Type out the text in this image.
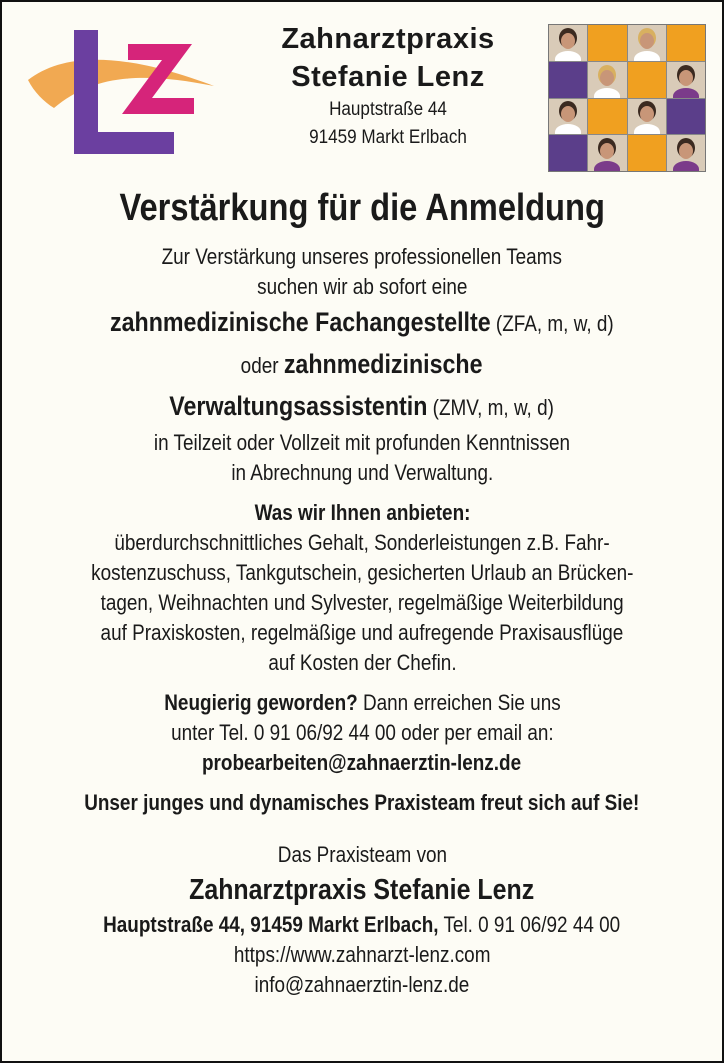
Zahnarztpraxis
Stefanie Lenz
Hauptstraße 44
91459 Markt Erlbach
Verstärkung für die Anmeldung
Zur Verstärkung unseres professionellen Teams
suchen wir ab sofort eine
zahnmedizinische Fachangestellte (ZFA, m, w, d)
oder zahnmedizinische
Verwaltungsassistentin (ZMV, m, w, d)
in Teilzeit oder Vollzeit mit profunden Kenntnissen
in Abrechnung und Verwaltung.
Was wir Ihnen anbieten:
überdurchschnittliches Gehalt, Sonderleistungen z.B. Fahr-
kostenzuschuss, Tankgutschein, gesicherten Urlaub an Brücken-
tagen, Weihnachten und Sylvester, regelmäßige Weiterbildung
auf Praxiskosten, regelmäßige und aufregende Praxisausflüge
auf Kosten der Chefin.
Neugierig geworden? Dann erreichen Sie uns
unter Tel. 0 91 06/92 44 00 oder per email an:
probearbeiten@zahnaerztin-lenz.de
Unser junges und dynamisches Praxisteam freut sich auf Sie!
Das Praxisteam von
Zahnarztpraxis Stefanie Lenz
Hauptstraße 44, 91459 Markt Erlbach, Tel. 0 91 06/92 44 00
https://www.zahnarzt-lenz.com
info@zahnaerztin-lenz.de
